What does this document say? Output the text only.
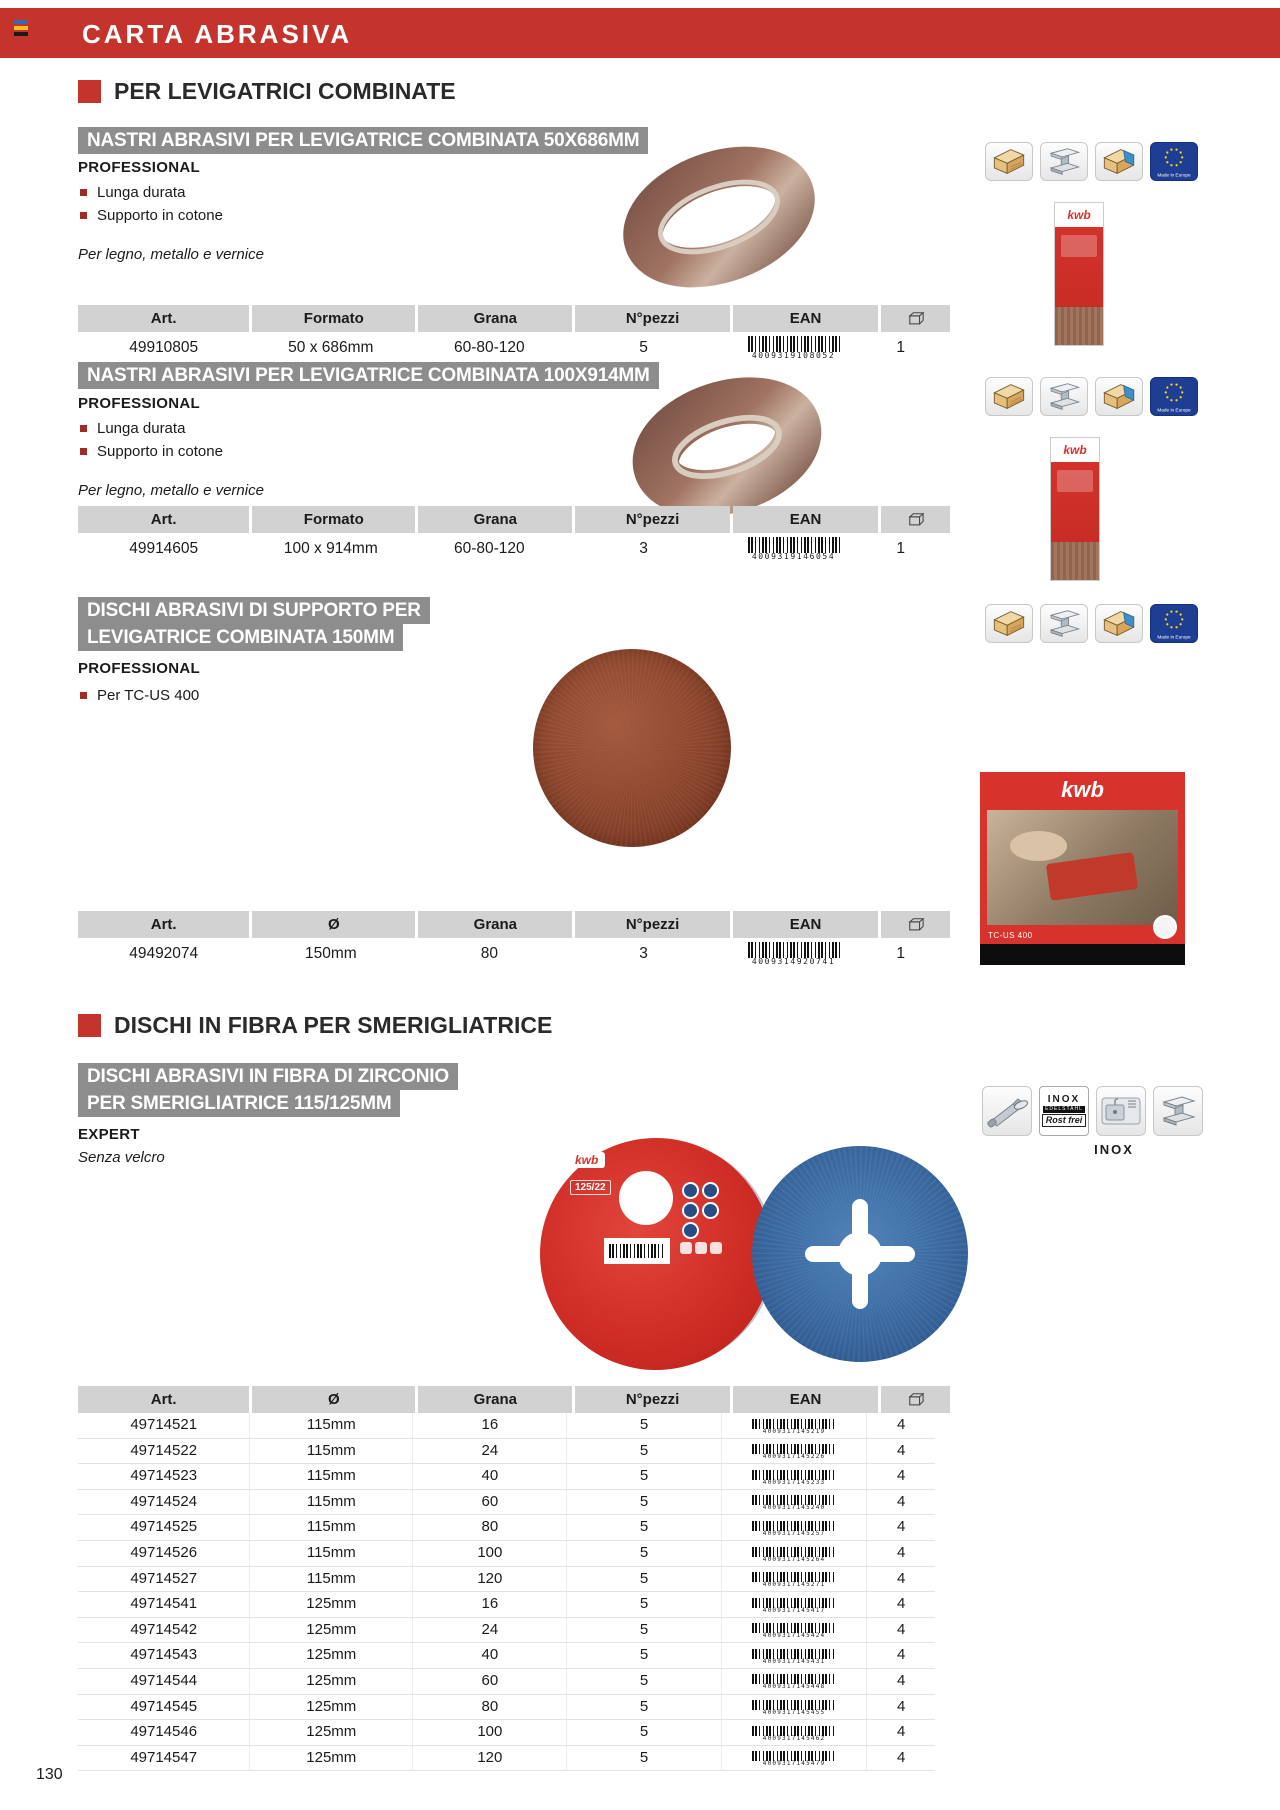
CARTA ABRASIVA
PER LEVIGATRICI COMBINATE
NASTRI ABRASIVI PER LEVIGATRICE COMBINATA 50X686MM
PROFESSIONAL
Lunga durata
Supporto in cotone
Per legno, metallo e vernice
kwb
Art.	Formato	Grana	N°pezzi	EAN
49910805	50 x 686mm	60-80-120	5	4009319108052	1
NASTRI ABRASIVI PER LEVIGATRICE COMBINATA 100X914MM
PROFESSIONAL
Lunga durata
Supporto in cotone
Per legno, metallo e vernice
kwb
Art.	Formato	Grana	N°pezzi	EAN
49914605	100 x 914mm	60-80-120	3	4009319146054	1
DISCHI ABRASIVI DI SUPPORTO PER
LEVIGATRICE COMBINATA 150MM
PROFESSIONAL
Per TC-US 400
kwb
TC-US 400
Art.	Ø	Grana	N°pezzi	EAN
49492074	150mm	80	3	4009314920741	1
DISCHI IN FIBRA PER SMERIGLIATRICE
DISCHI ABRASIVI IN FIBRA DI ZIRCONIO
PER SMERIGLIATRICE 115/125MM
EXPERT
Senza velcro
INOX
EDELSTAHL
Rost frei
INOX
kwb
125/22
Art.	Ø	Grana	N°pezzi	EAN
49714521	115mm	16	5	4009317145219	4
49714522	115mm	24	5	4009317145226	4
49714523	115mm	40	5	4009317145233	4
49714524	115mm	60	5	4009317145240	4
49714525	115mm	80	5	4009317145257	4
49714526	115mm	100	5	4009317145264	4
49714527	115mm	120	5	4009317145271	4
49714541	125mm	16	5	4009317145417	4
49714542	125mm	24	5	4009317145424	4
49714543	125mm	40	5	4009317145431	4
49714544	125mm	60	5	4009317145448	4
49714545	125mm	80	5	4009317145455	4
49714546	125mm	100	5	4009317145462	4
49714547	125mm	120	5	4009317145479	4
130
